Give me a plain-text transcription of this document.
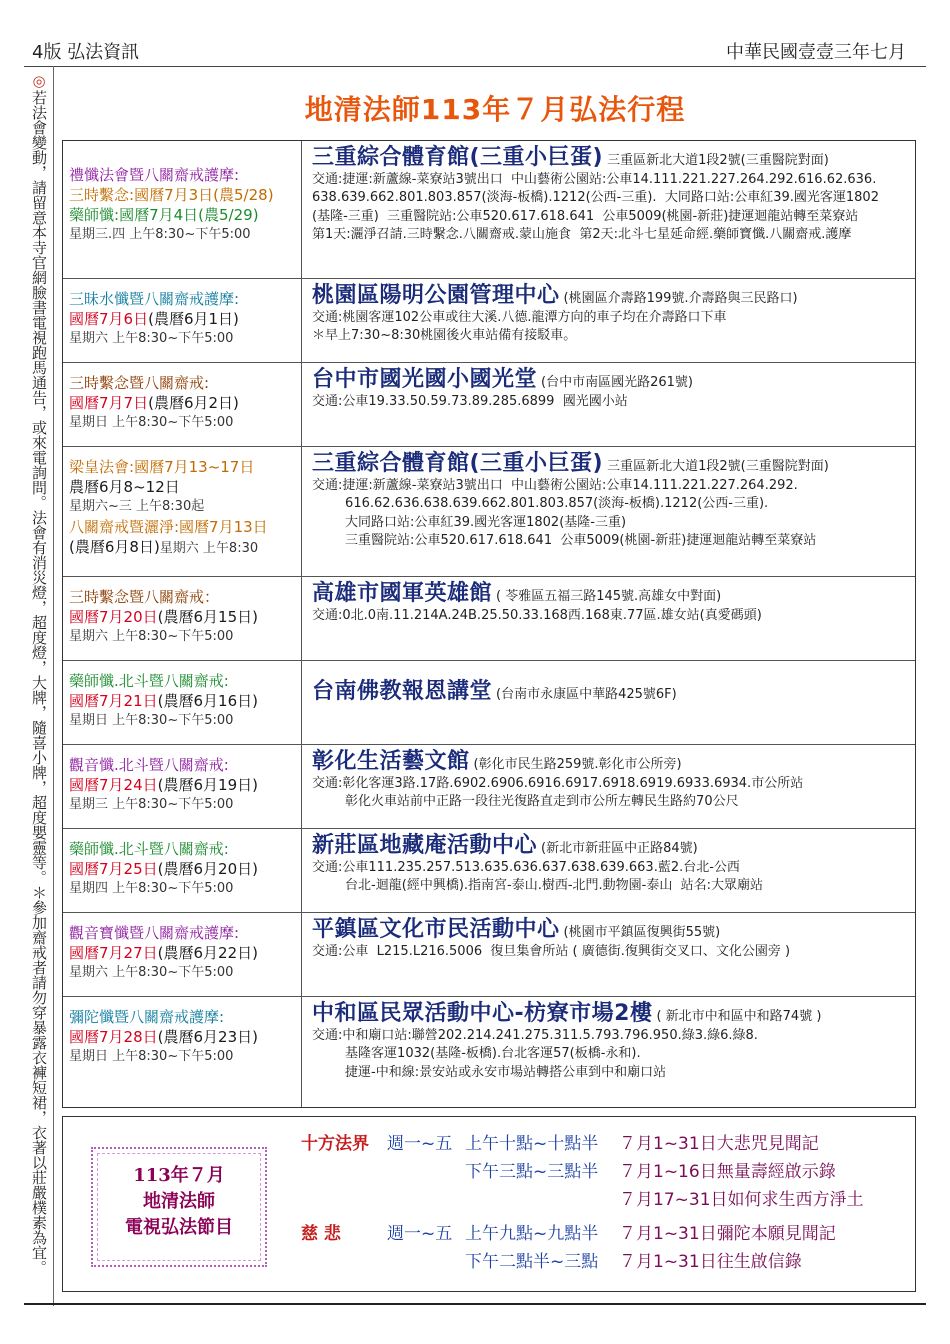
4版 弘法資訊	中華民國壹壹三年七月
◎若法會變動，請留意本寺官網臉書電視跑馬通告，或來電詢問。法會有消災燈，超度燈，大牌，隨喜小牌，超度嬰靈等。＊參加齋戒者請勿穿暴露衣褲短裙，衣著以莊嚴樸素為宜。	地清法師113年７月弘法行程
禮懺法會暨八關齋戒護摩:
三時繫念:國曆7月3日(農5/28)
藥師懺:國曆7月4日(農5/29)
星期三.四 上午8:30~下午5:00
三重綜合體育館(三重小巨蛋) 三重區新北大道1段2號(三重醫院對面)
交通:捷運:新蘆線-菜寮站3號出口  中山藝術公園站:公車14.111.221.227.264.292.616.62.636.
638.639.662.801.803.857(淡海-板橋).1212(公西-三重).  大同路口站:公車紅39.國光客運1802
(基隆-三重)  三重醫院站:公車520.617.618.641  公車5009(桃園-新莊)捷運迴龍站轉至菜寮站
第1天:灑淨召請.三時繫念.八關齋戒.蒙山施食  第2天:北斗七星延命經.藥師寶懺.八關齋戒.護摩
三昧水懺暨八關齋戒護摩:
國曆7月6日(農曆6月1日)
星期六 上午8:30~下午5:00
桃園區陽明公園管理中心 (桃園區介壽路199號.介壽路與三民路口)
交通:桃園客運102公車或往大溪.八德.龍潭方向的車子均在介壽路口下車
＊早上7:30~8:30桃園後火車站備有接駁車。
三時繫念暨八關齋戒:
國曆7月7日(農曆6月2日)
星期日 上午8:30~下午5:00
台中市國光國小國光堂 (台中市南區國光路261號)
交通:公車19.33.50.59.73.89.285.6899  國光國小站
梁皇法會:國曆7月13~17日
農曆6月8~12日
星期六~三 上午8:30起
八關齋戒暨灑淨:國曆7月13日
(農曆6月8日)星期六 上午8:30
三重綜合體育館(三重小巨蛋) 三重區新北大道1段2號(三重醫院對面)
交通:捷運:新蘆線-菜寮站3號出口  中山藝術公園站:公車14.111.221.227.264.292.
616.62.636.638.639.662.801.803.857(淡海-板橋).1212(公西-三重).
大同路口站:公車紅39.國光客運1802(基隆-三重)
三重醫院站:公車520.617.618.641  公車5009(桃園-新莊)捷運迴龍站轉至菜寮站
三時繫念暨八關齋戒：
國曆7月20日(農曆6月15日)
星期六 上午8:30~下午5:00
高雄市國軍英雄館 ( 苓雅區五福三路145號.高雄女中對面)
交通:0北.0南.11.214A.24B.25.50.33.168西.168東.77區.雄女站(真愛碼頭)
藥師懺.北斗暨八關齋戒:
國曆7月21日(農曆6月16日)
星期日 上午8:30~下午5:00
台南佛教報恩講堂 (台南市永康區中華路425號6F)
觀音懺.北斗暨八關齋戒:
國曆7月24日(農曆6月19日)
星期三 上午8:30~下午5:00
彰化生活藝文館 (彰化市民生路259號.彰化市公所旁)
交通:彰化客運3路.17路.6902.6906.6916.6917.6918.6919.6933.6934.市公所站
彰化火車站前中正路一段往光復路直走到市公所左轉民生路約70公尺
藥師懺.北斗暨八關齋戒:
國曆7月25日(農曆6月20日)
星期四 上午8:30~下午5:00
新莊區地藏庵活動中心 (新北市新莊區中正路84號)
交通:公車111.235.257.513.635.636.637.638.639.663.藍2.台北-公西
台北-迴龍(經中興橋).指南宮-泰山.樹西-北門.動物園-泰山  站名:大眾廟站
觀音寶懺暨八關齋戒護摩:
國曆7月27日(農曆6月22日)
星期六 上午8:30~下午5:00
平鎮區文化市民活動中心 (桃園市平鎮區復興街55號)
交通:公車  L215.L216.5006  復旦集會所站 ( 廣德街.復興街交叉口、文化公園旁 )
彌陀懺暨八關齋戒護摩:
國曆7月28日(農曆6月23日)
星期日 上午8:30~下午5:00
中和區民眾活動中心-枋寮市場2樓 ( 新北市中和區中和路74號 )
交通:中和廟口站:聯營202.214.241.275.311.5.793.796.950.綠3.綠6.綠8.
基隆客運1032(基隆-板橋).台北客運57(板橋-永和).
捷運-中和線:景安站或永安市場站轉搭公車到中和廟口站
113年７月
地清法師
電視弘法節目
十方法界 週一~五 上午十點~十點半 ７月1~31日大悲咒見聞記
下午三點~三點半 ７月1~16日無量壽經啟示錄
７月17~31日如何求生西方淨土
慈 悲	週一~五 上午九點~九點半 ７月1~31日彌陀本願見聞記
下午二點半~三點 ７月1~31日往生啟信錄
